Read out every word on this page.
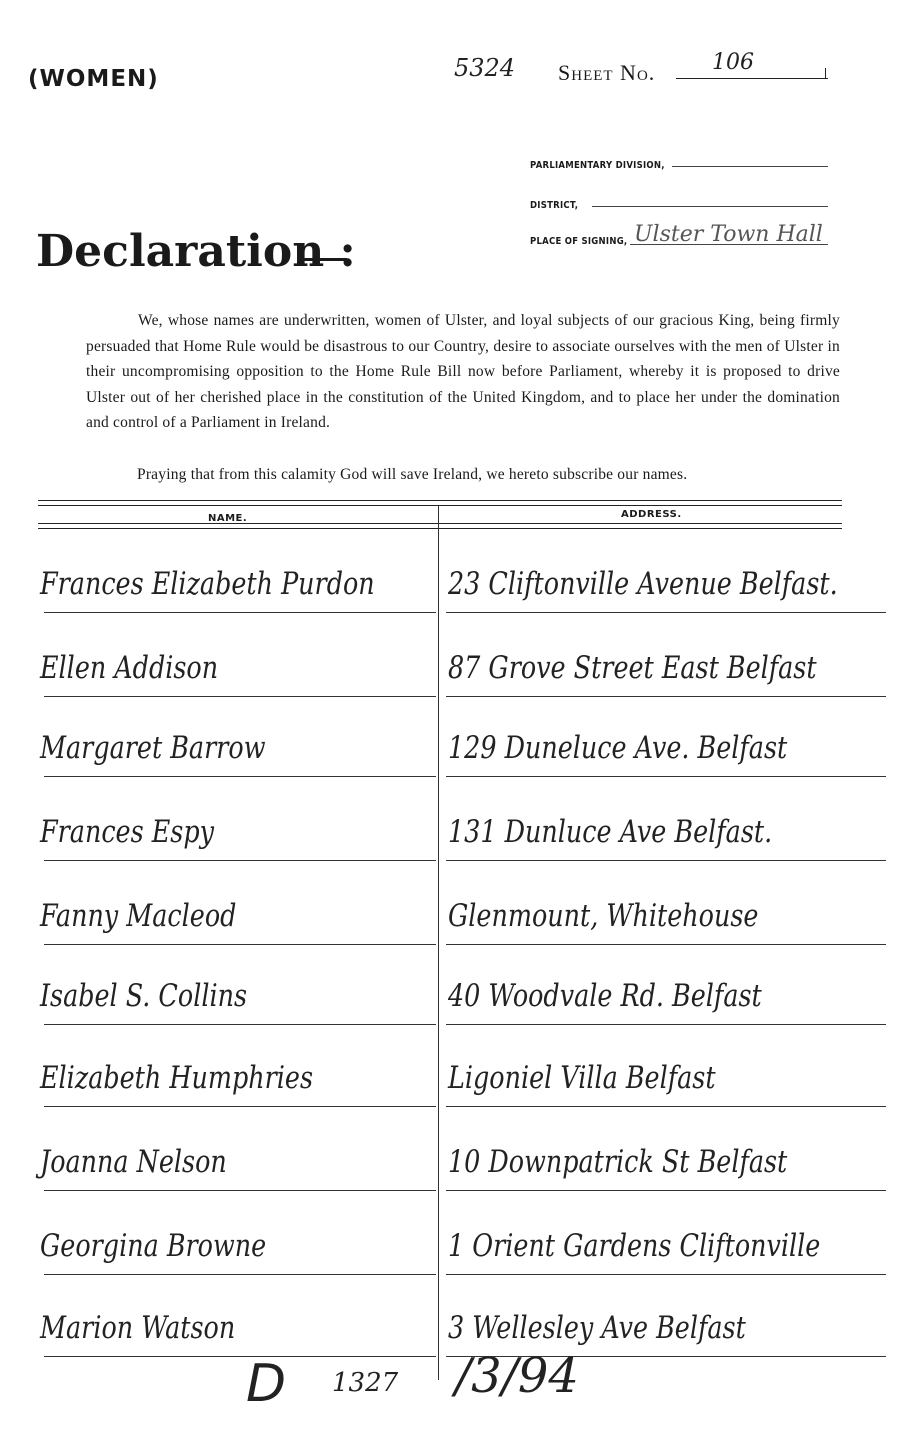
(WOMEN)	5324 Sheet No.	106
PARLIAMENTARY DIVISION,
DISTRICT,
PLACE OF SIGNING, Ulster Town Hall
Declaration :
We, whose names are underwritten, women of Ulster, and loyal subjects of our gracious King, being firmly persuaded that Home Rule would be disastrous to our Country, desire to associate ourselves with the men of Ulster in their uncompromising opposition to the Home Rule Bill now before Parliament, whereby it is proposed to drive Ulster out of her cherished place in the constitution of the United Kingdom, and to place her under the domination and control of a Parliament in Ireland.
Praying that from this calamity God will save Ireland, we hereto subscribe our names.
NAME.	ADDRESS.
Frances Elizabeth Purdon 23 Cliftonville Avenue Belfast.
Ellen Addison	87 Grove Street East Belfast
Margaret Barrow	129 Duneluce Ave. Belfast
Frances Espy	131 Dunluce Ave Belfast.
Fanny Macleod	Glenmount, Whitehouse
Isabel S. Collins	40 Woodvale Rd. Belfast
Elizabeth Humphries	Ligoniel Villa Belfast
Joanna Nelson	10 Downpatrick St Belfast
Georgina Browne	1 Orient Gardens Cliftonville
Marion Watson	3 Wellesley Ave Belfast
D 1327 /3/94
